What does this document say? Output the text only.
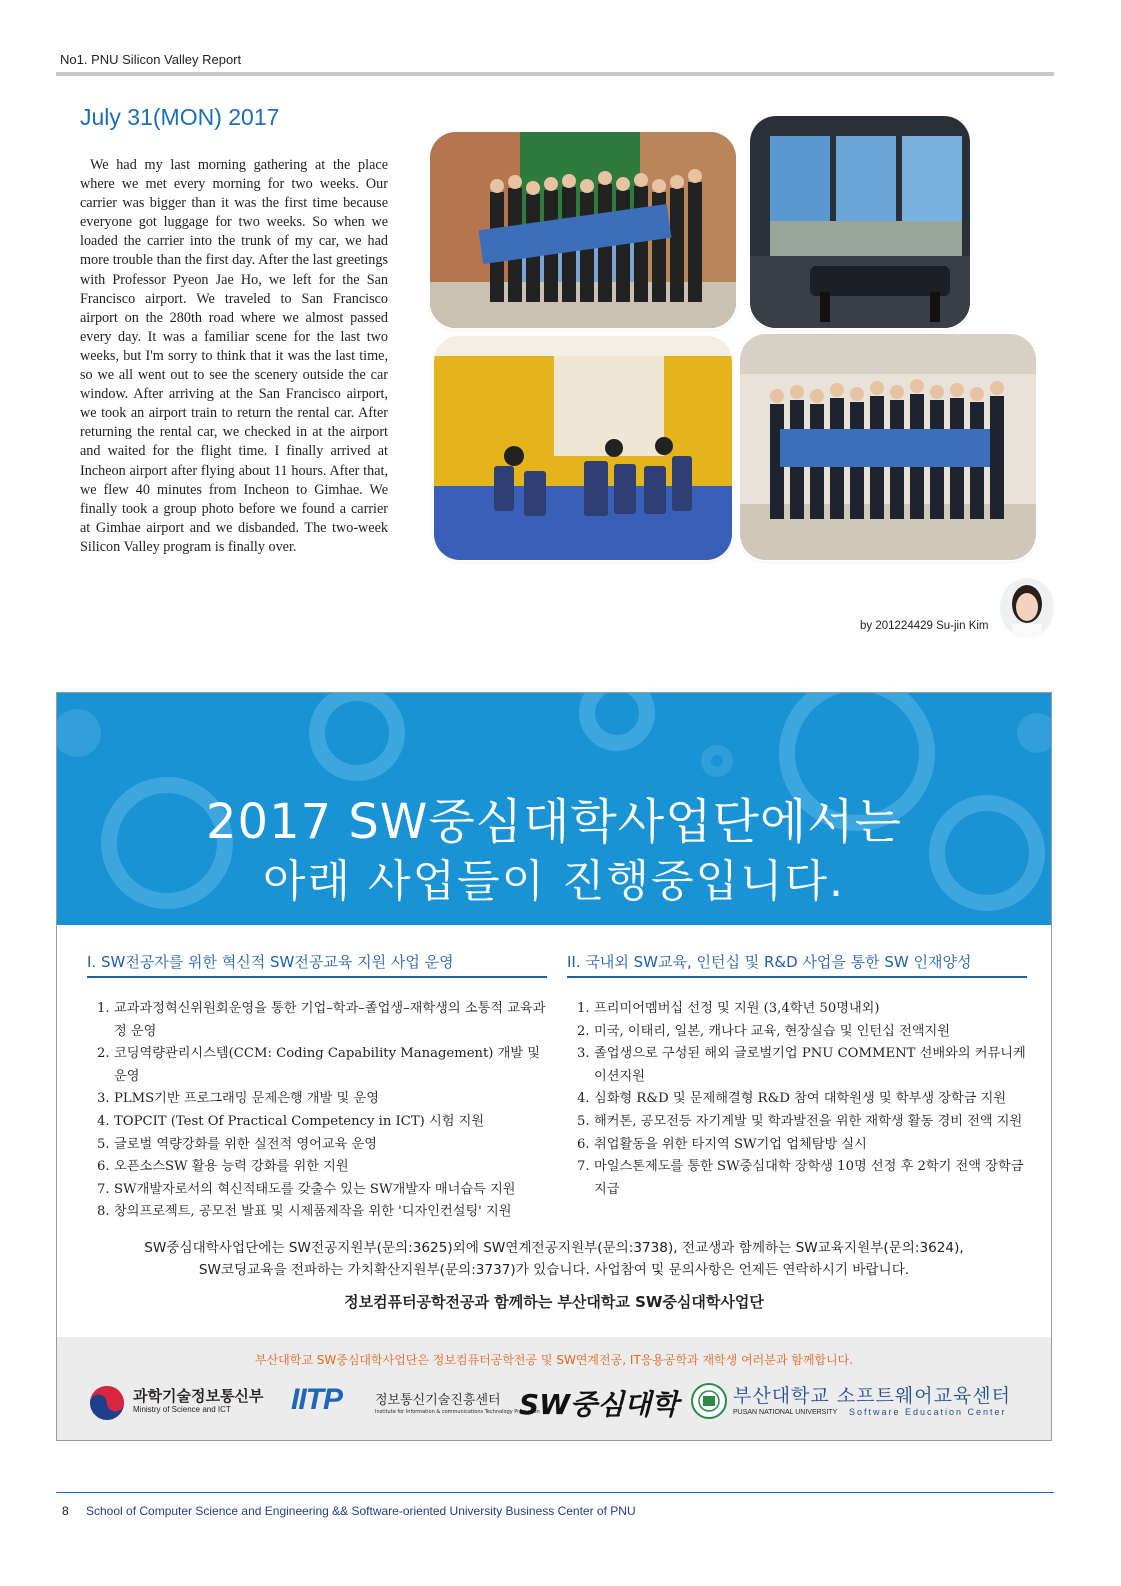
No1. PNU Silicon Valley Report
July 31(MON) 2017
We had my last morning gathering at the place where we met every morning for two weeks. Our carrier was bigger than it was the first time because everyone got luggage for two weeks. So when we loaded the carrier into the trunk of my car, we had more trouble than the first day. After the last greetings with Professor Pyeon Jae Ho, we left for the San Francisco airport. We traveled to San Francisco airport on the 280th road where we almost passed every day. It was a familiar scene for the last two weeks, but I'm sorry to think that it was the last time, so we all went out to see the scenery outside the car window. After arriving at the San Francisco airport, we took an airport train to return the rental car. After returning the rental car, we checked in at the airport and waited for the flight time. I finally arrived at Incheon airport after flying about 11 hours. After that, we flew 40 minutes from Incheon to Gimhae. We finally took a group photo before we found a carrier at Gimhae airport and we disbanded. The two-week Silicon Valley program is finally over.
by 201224429 Su-jin Kim
2017 SW중심대학사업단에서는
아래 사업들이 진행중입니다.
I. SW전공자를 위한 혁신적 SW전공교육 지원 사업 운영
1. 교과과정혁신위원회운영을 통한 기업–학과–졸업생–재학생의 소통적 교육과정 운영
2. 코딩역량관리시스템(CCM: Coding Capability Management) 개발 및 운영
3. PLMS기반 프로그래밍 문제은행 개발 및 운영
4. TOPCIT (Test Of Practical Competency in ICT) 시험 지원
5. 글로벌 역량강화를 위한 실전적 영어교육 운영
6. 오픈소스SW 활용 능력 강화를 위한 지원
7. SW개발자로서의 혁신적태도를 갖출수 있는 SW개발자 매너습득 지원
8. 창의프로젝트, 공모전 발표 및 시제품제작을 위한 '디자인컨설팅' 지원
II. 국내외 SW교육, 인턴십 및 R&D 사업을 통한 SW 인재양성
1. 프리미어멤버십 선정 및 지원 (3,4학년 50명내외)
2. 미국, 이태리, 일본, 캐나다 교육, 현장실습 및 인턴십 전액지원
3. 졸업생으로 구성된 해외 글로벌기업 PNU COMMENT 선배와의 커뮤니케이션지원
4. 심화형 R&D 및 문제해결형 R&D 참여 대학원생 및 학부생 장학금 지원
5. 해커톤, 공모전등 자기계발 및 학과발전을 위한 재학생 활동 경비 전액 지원
6. 취업활동을 위한 타지역 SW기업 업체탐방 실시
7. 마일스톤제도를 통한 SW중심대학 장학생 10명 선정 후 2학기 전액 장학금 지급
SW중심대학사업단에는 SW전공지원부(문의:3625)외에 SW연계전공지원부(문의:3738), 전교생과 함께하는 SW교육지원부(문의:3624),
SW코딩교육을 전파하는 가치확산지원부(문의:3737)가 있습니다. 사업참여 및 문의사항은 언제든 연락하시기 바랍니다.
정보컴퓨터공학전공과 함께하는 부산대학교 SW중심대학사업단
부산대학교 SW중심대학사업단은 정보컴퓨터공학전공 및 SW연계전공, IT응용공학과 재학생 여러분과 함께합니다.
과학기술정보통신부
Ministry of Science and ICT IITP	정보통신기술진흥센터
Institute for Information & communications Technology Promotion
SW중심대학	부산대학교 소프트웨어교육센터
PUSAN NATIONAL UNIVERSITY Software Education Center
8 School of Computer Science and Engineering && Software-oriented University Business Center of PNU
